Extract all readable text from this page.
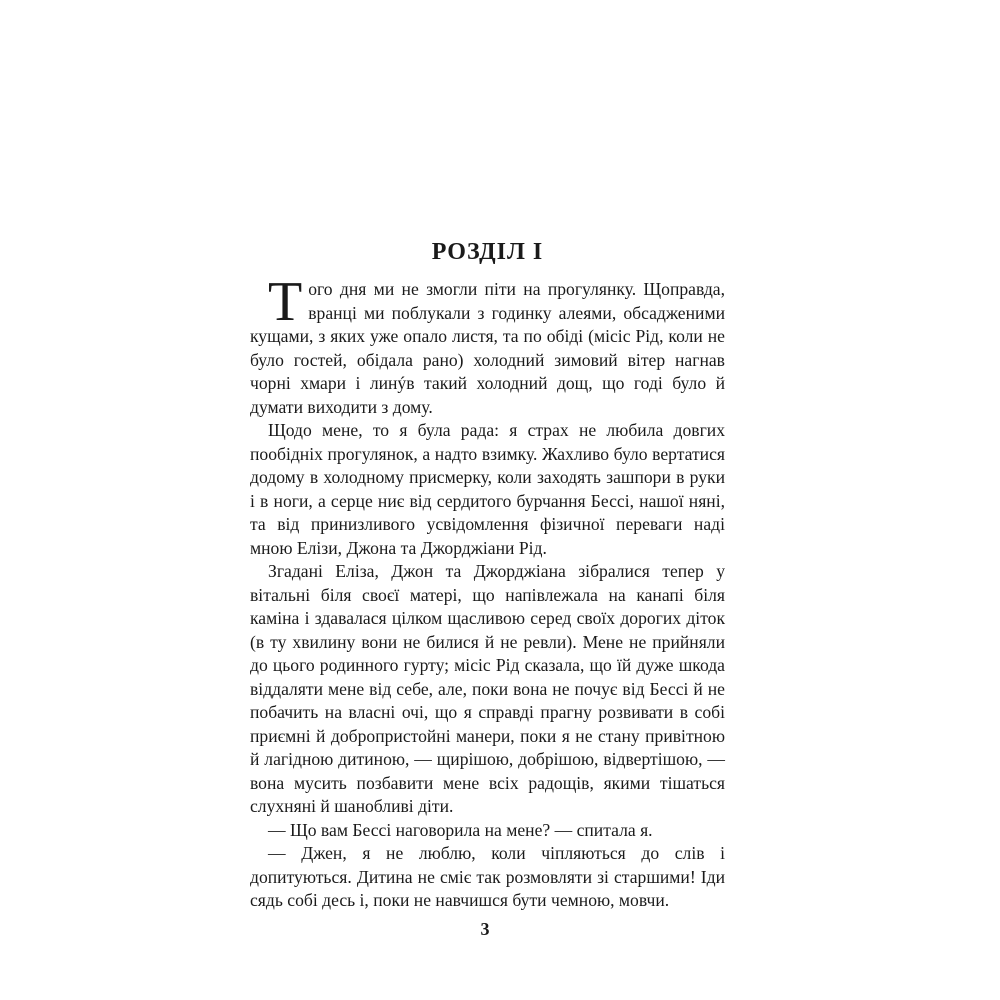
РОЗДІЛ I

Того дня ми не змогли піти на прогулянку. Щоправда, вранці ми поблукали з годинку алеями, обсадженими кущами, з яких уже опало листя, та по обіді (місіс Рід, коли не було гостей, обідала рано) холодний зимовий вітер нагнав чорні хмари і линýв такий холодний дощ, що годі було й думати виходити з дому.

Щодо мене, то я була рада: я страх не любила довгих пообідніх прогулянок, а надто взимку. Жахливо було вертатися додому в холодному присмерку, коли заходять зашпори в руки і в ноги, а серце ниє від сердитого бурчання Бессі, нашої няні, та від принизливого усвідомлення фізичної переваги наді мною Елізи, Джона та Джорджіани Рід.

Згадані Еліза, Джон та Джорджіана зібралися тепер у вітальні біля своєї матері, що напівлежала на канапі біля каміна і здавалася цілком щасливою серед своїх дорогих діток (в ту хвилину вони не билися й не ревли). Мене не прийняли до цього родинного гурту; місіс Рід сказала, що їй дуже шкода віддаляти мене від себе, але, поки вона не почує від Бессі й не побачить на власні очі, що я справді прагну розвивати в собі приємні й добропристойні манери, поки я не стану привітною й лагідною дитиною, — щирішою, добрішою, відвертішою, — вона мусить позбавити мене всіх радощів, якими тішаться слухняні й шанобливі діти.

— Що вам Бессі наговорила на мене? — спитала я.

— Джен, я не люблю, коли чіпляються до слів і допитуються. Дитина не сміє так розмовляти зі старшими! Іди сядь собі десь і, поки не навчишся бути чемною, мовчи.

3
